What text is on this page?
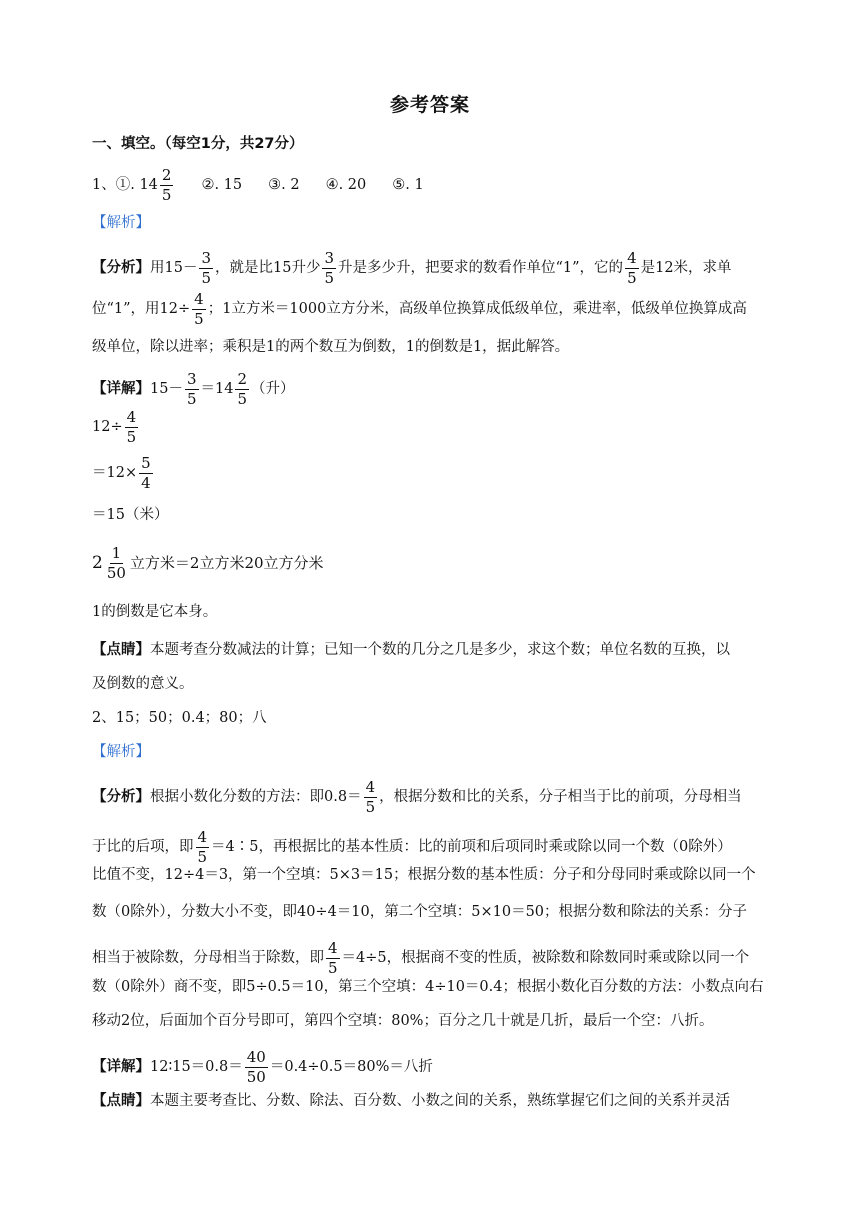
参考答案
一、填空。（每空1分，共27分）
1、①. $14 \frac{2}{5}$ ②. 15 ③. 2 ④. 20 ⑤. 1
【解析】
【分析】 用$15- \frac{3}{5}$ ，就是比15升少 $\frac{3}{5}$ 升是多少升，把要求的数看作单位“1”，它的 $\frac{4}{5}$ 是12米，求单
位“1”，用$12\div \frac{4}{5}$ ；1立方米＝1000立方分米，高级单位换算成低级单位，乘进率，低级单位换算成高
级单位，除以进率；乘积是1的两个数互为倒数，1的倒数是1，据此解答。
【详解】 $15- \frac{3}{5} =14 \frac{2}{5}$ （升）
$12\div \frac{4}{5}$
$=12\times \frac{5}{4}$
＝15（米）
$2 \frac{1}{50}$ 立方米＝2立方米20立方分米
1的倒数是它本身。
【点睛】 本题考查分数减法的计算；已知一个数的几分之几是多少，求这个数；单位名数的互换，以
及倒数的意义。
2、15；50；0.4；80；八
【解析】
【分析】 根据小数化分数的方法：即$0.8= \frac{4}{5}$ ，根据分数和比的关系，分子相当于比的前项，分母相当
于比的后项，即 $\frac{4}{5}$ ＝4∶5，再根据比的基本性质：比的前项和后项同时乘或除以同一个数（0除外）
比值不变，12÷4＝3，第一个空填：5×3＝15；根据分数的基本性质：分子和分母同时乘或除以同一个
数（0除外），分数大小不变，即40÷4＝10，第二个空填：5×10＝50；根据分数和除法的关系：分子
相当于被除数，分母相当于除数，即 $\frac{4}{5} =4\div 5$，根据商不变的性质，被除数和除数同时乘或除以同一个
数（0除外）商不变，即5÷0.5＝10，第三个空填：4÷10＝0.4；根据小数化百分数的方法：小数点向右
移动2位，后面加个百分号即可，第四个空填：80%；百分之几十就是几折，最后一个空：八折。
【详解】 12∶15＝0.8＝ $\frac{40}{50} =0.4\div 0.5=80\%=$八折
【点睛】 本题主要考查比、分数、除法、百分数、小数之间的关系，熟练掌握它们之间的关系并灵活
